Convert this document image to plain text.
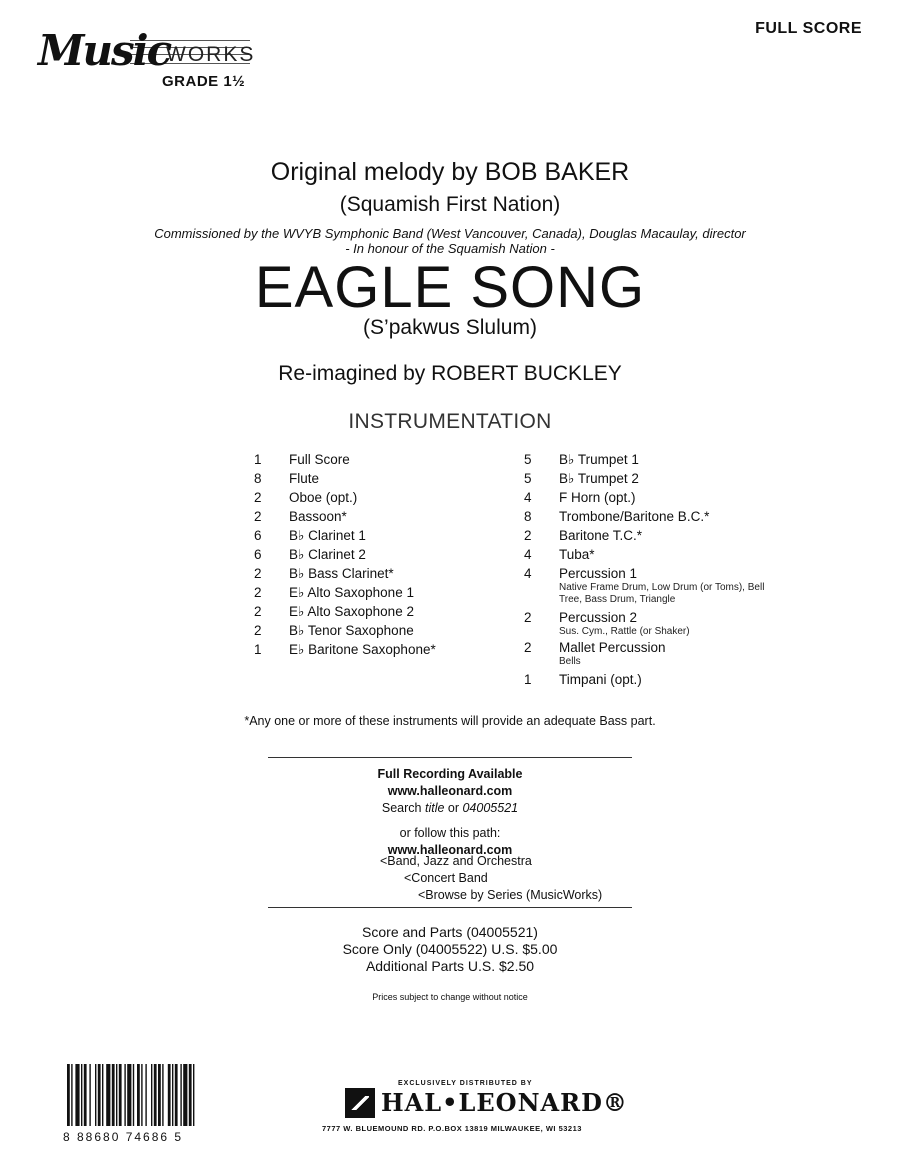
Music
WORKS
GRADE 1½
FULL SCORE
Original melody by BOB BAKER
(Squamish First Nation)
Commissioned by the WVYB Symphonic Band (West Vancouver, Canada), Douglas Macaulay, director
- In honour of the Squamish Nation -
EAGLE SONG
(S’pakwus Slulum)
Re-imagined by ROBERT BUCKLEY
INSTRUMENTATION
1 Full Score
8 Flute
2 Oboe (opt.)
2 Bassoon*
6 B♭ Clarinet 1
6 B♭ Clarinet 2
2 B♭ Bass Clarinet*
2 E♭ Alto Saxophone 1
2 E♭ Alto Saxophone 2
2 B♭ Tenor Saxophone
1 E♭ Baritone Saxophone*
5 B♭ Trumpet 1
5 B♭ Trumpet 2
4 F Horn (opt.)
8 Trombone/Baritone B.C.*
2 Baritone T.C.*
4 Tuba*
4 Percussion 1
Native Frame Drum, Low Drum (or Toms), Bell Tree, Bass Drum, Triangle
2 Percussion 2
Sus. Cym., Rattle (or Shaker)
2 Mallet Percussion
Bells
1 Timpani (opt.)
*Any one or more of these instruments will provide an adequate Bass part.
Full Recording Available
www.halleonard.com
Search title or 04005521
or follow this path:
www.halleonard.com
<Band, Jazz and Orchestra
<Concert Band
<Browse by Series (MusicWorks)
Score and Parts (04005521)
Score Only (04005522) U.S. $5.00
Additional Parts U.S. $2.50
Prices subject to change without notice
8 88680 74686 5
EXCLUSIVELY DISTRIBUTED BY
HAL•LEONARD®
7777 W. BLUEMOUND RD. P.O.BOX 13819 MILWAUKEE, WI 53213
